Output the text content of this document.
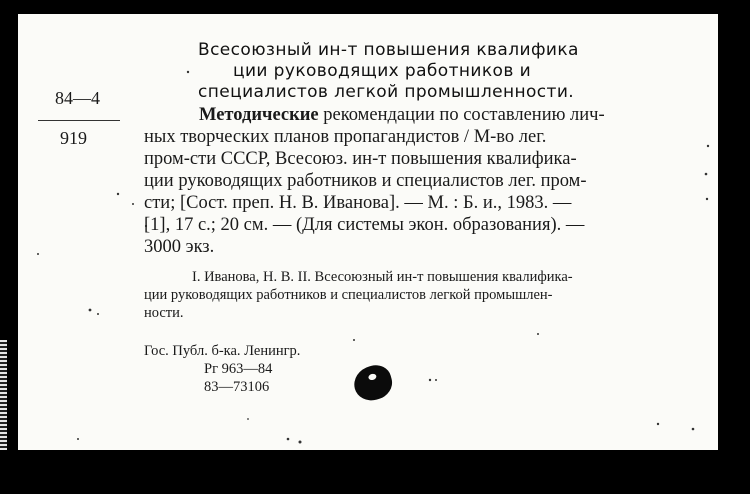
Всесоюзный ин-т повышения квалифика
ции руководящих работников и
специалистов легкой промышленности.
84—4
919
Методические рекомендации по составлению лич-
ных творческих планов пропагандистов / М-во лег.
пром-сти СССР, Всесоюз. ин-т повышения квалифика-
ции руководящих работников и специалистов лег. пром-
сти; [Сост. преп. Н. В. Иванова]. — М. : Б. и., 1983. —
[1], 17 с.; 20 см. — (Для системы экон. образования). —
3000 экз.
I. Иванова, Н. В. II. Всесоюзный ин-т повышения квалифика-
ции руководящих работников и специалистов легкой промышлен-
ности.
Гос. Публ. б-ка. Ленингр.
Рг 963—84
83—73106
